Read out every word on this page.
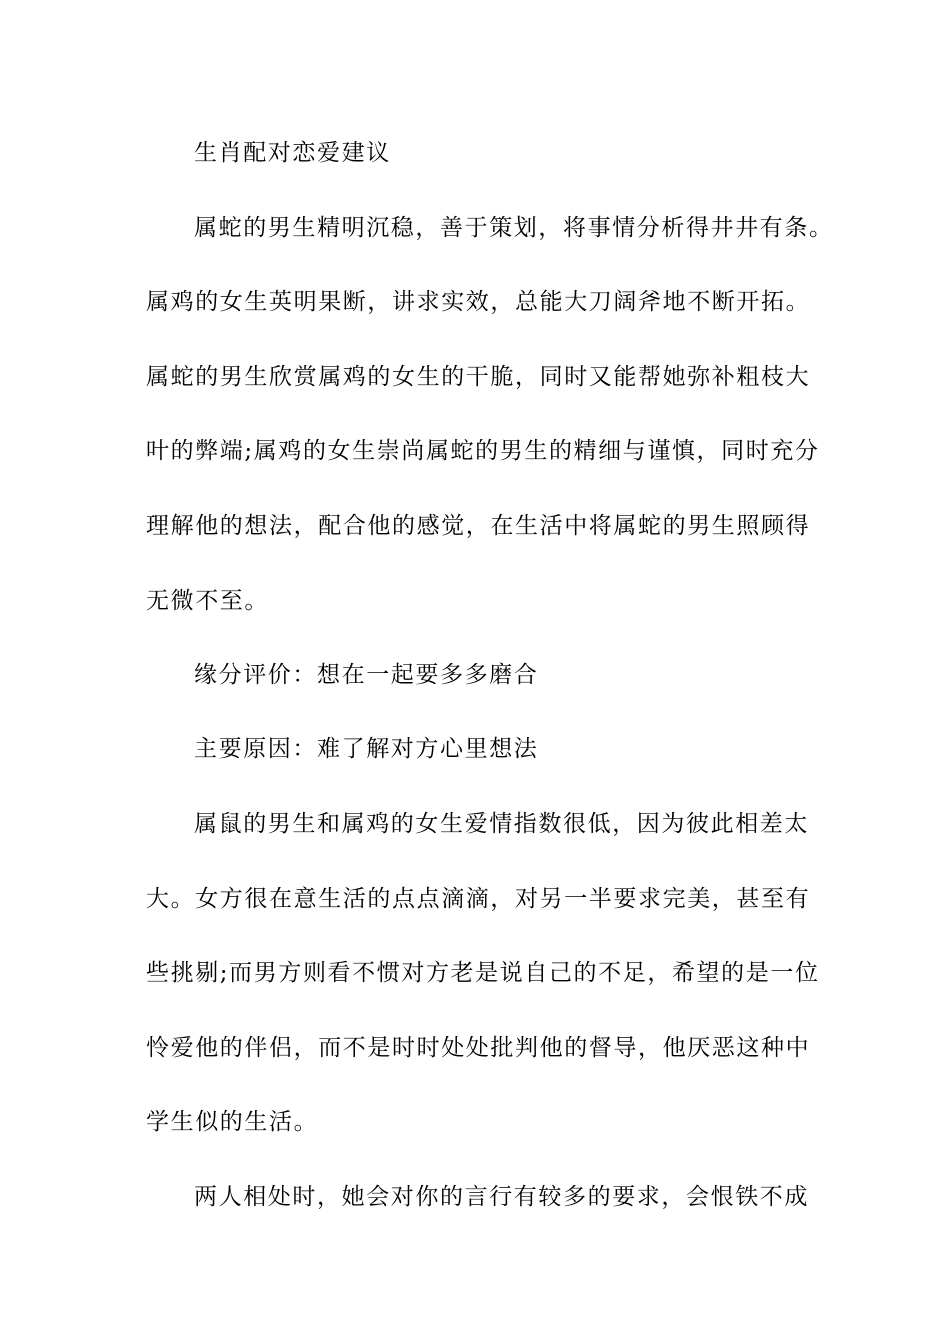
生肖配对恋爱建议
属蛇的男生精明沉稳，善于策划，将事情分析得井井有条。
属鸡的女生英明果断，讲求实效，总能大刀阔斧地不断开拓。
属蛇的男生欣赏属鸡的女生的干脆，同时又能帮她弥补粗枝大
叶的弊端;属鸡的女生崇尚属蛇的男生的精细与谨慎，同时充分
理解他的想法，配合他的感觉，在生活中将属蛇的男生照顾得
无微不至。
缘分评价：想在一起要多多磨合
主要原因：难了解对方心里想法
属鼠的男生和属鸡的女生爱情指数很低，因为彼此相差太
大。女方很在意生活的点点滴滴，对另一半要求完美，甚至有
些挑剔;而男方则看不惯对方老是说自己的不足，希望的是一位
怜爱他的伴侣，而不是时时处处批判他的督导，他厌恶这种中
学生似的生活。
两人相处时，她会对你的言行有较多的要求，会恨铁不成
